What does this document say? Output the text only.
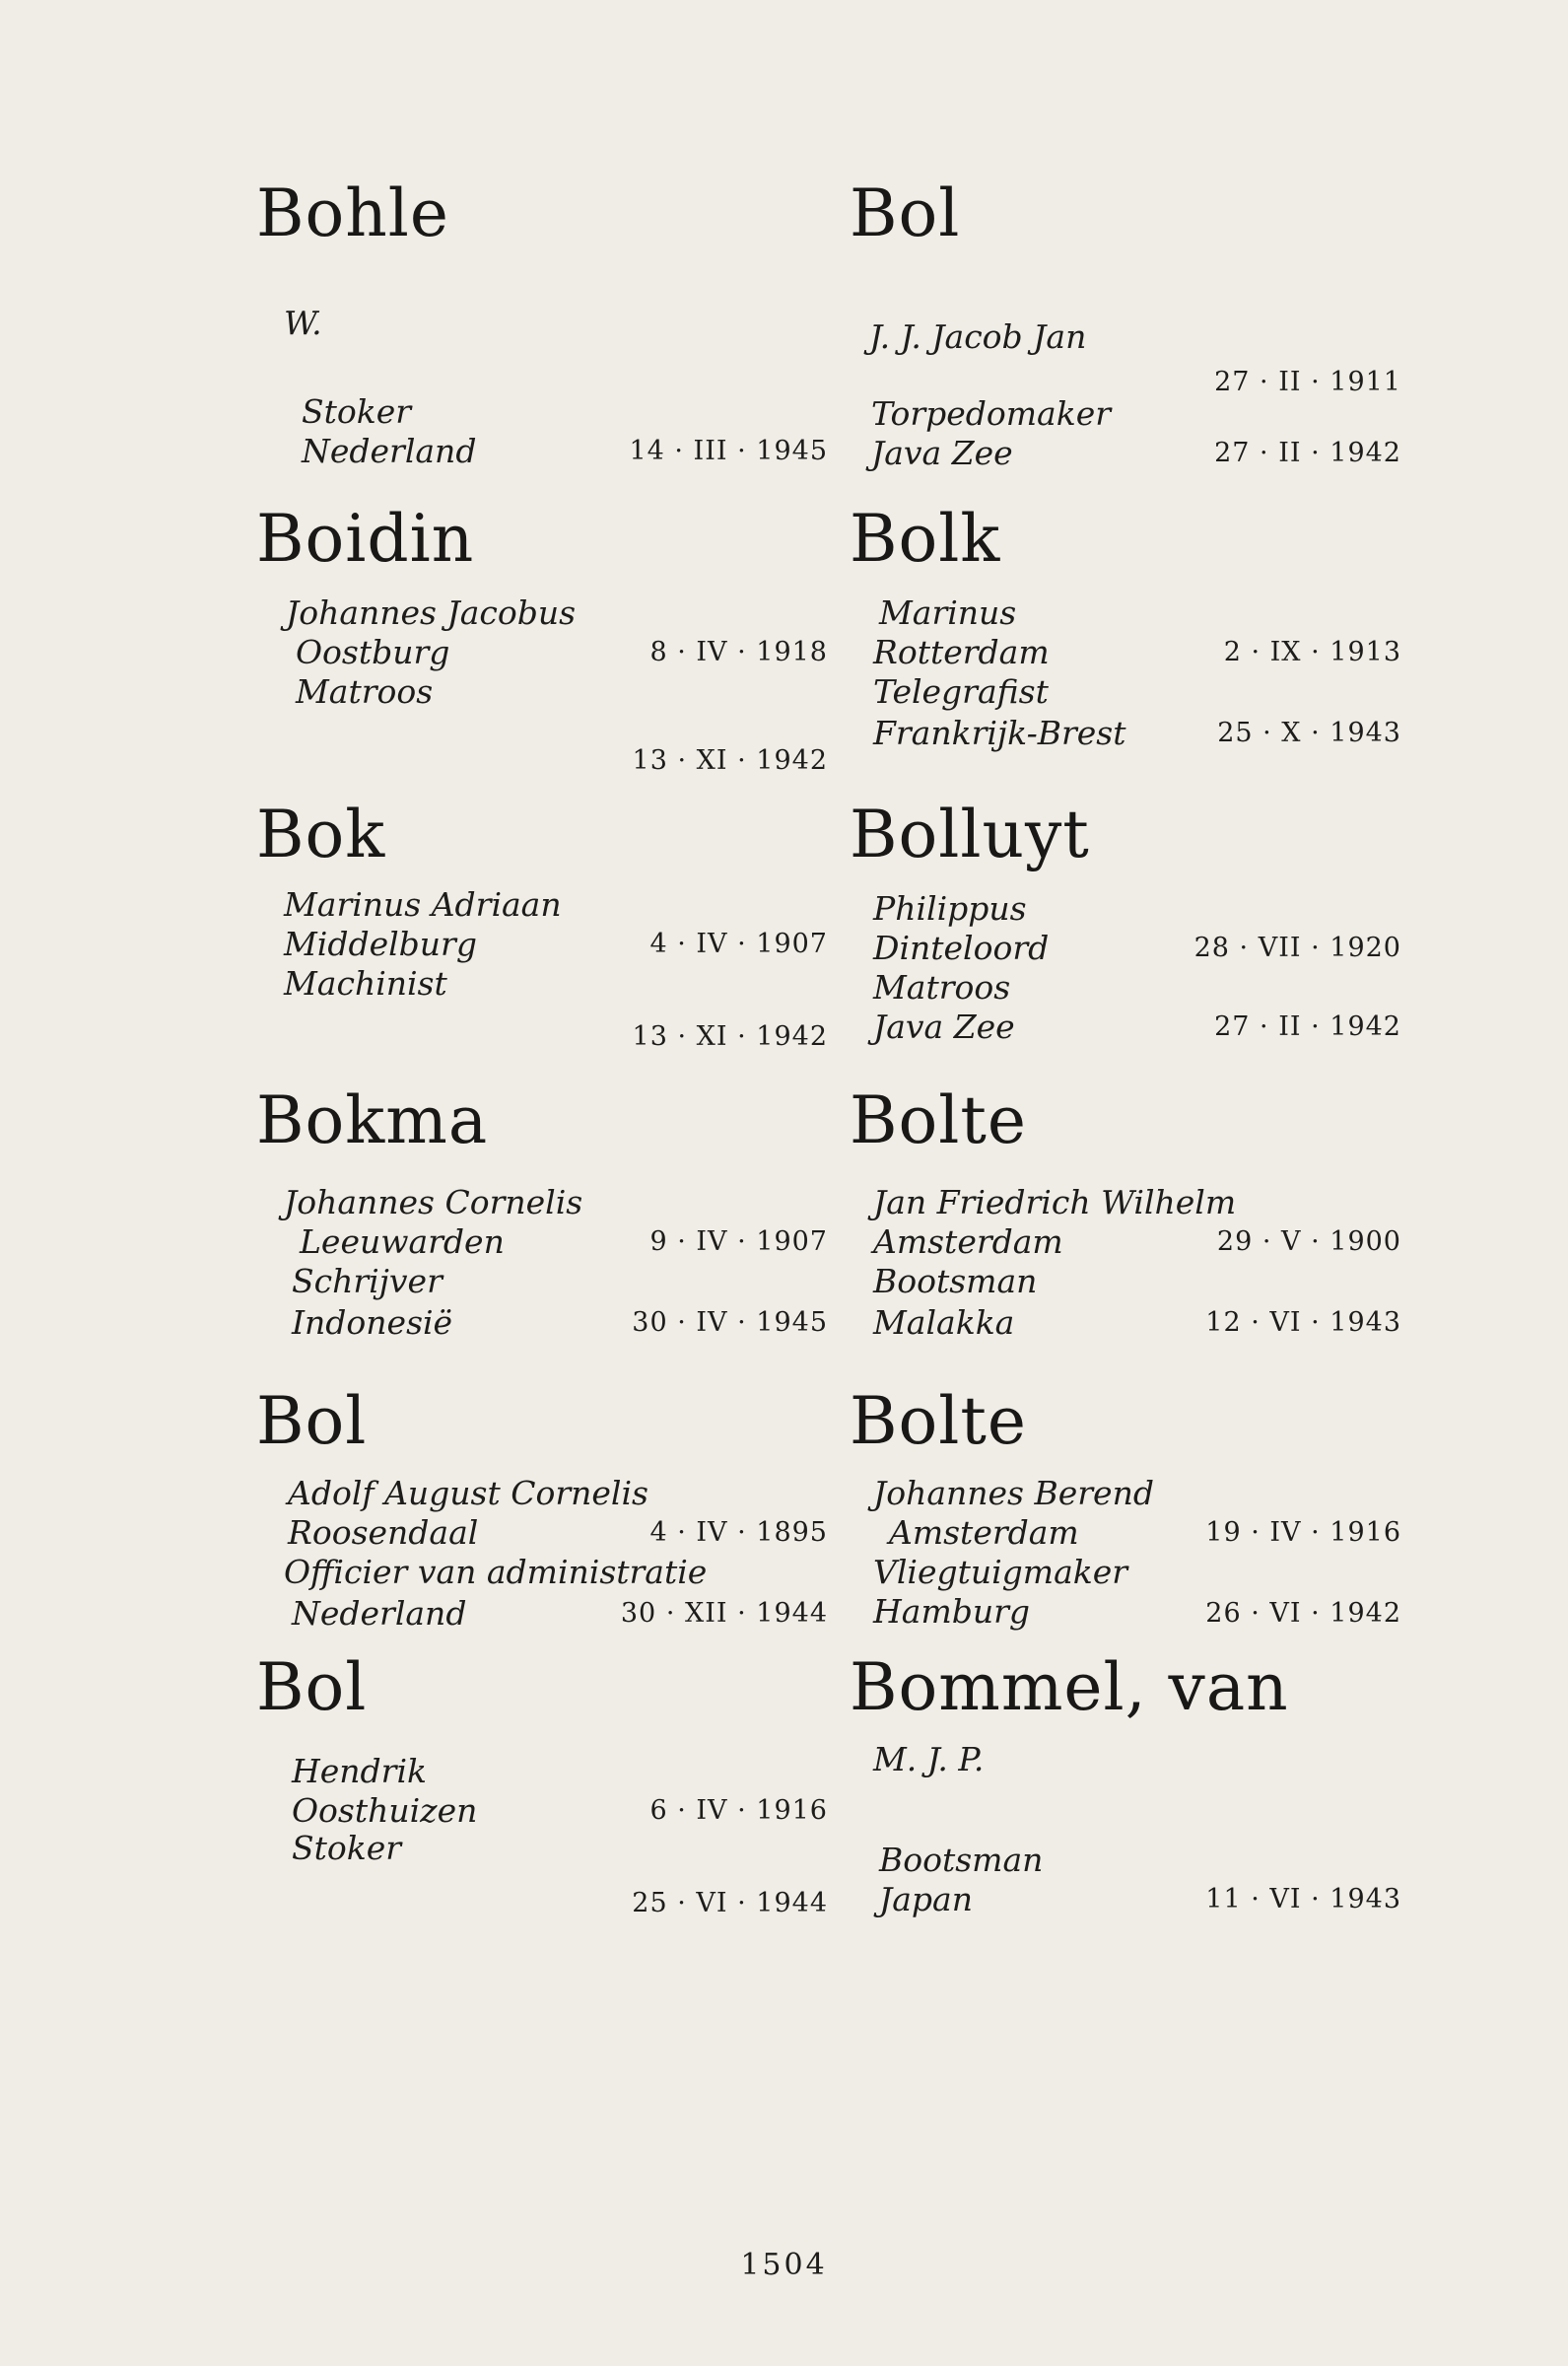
Bohle
W.
Stoker
Nederland	14 · III · 1945
Boidin
Johannes Jacobus
Oostburg	8 · IV · 1918
Matroos
13 · XI · 1942
Bok
Marinus Adriaan
Middelburg	4 · IV · 1907
Machinist
13 · XI · 1942
Bokma
Johannes Cornelis
Leeuwarden	9 · IV · 1907
Schrijver
Indonesië	30 · IV · 1945
Bol
Adolf August Cornelis
Roosendaal	4 · IV · 1895
Officier van administratie
Nederland	30 · XII · 1944
Bol
Hendrik
Oosthuizen	6 · IV · 1916
Stoker
25 · VI · 1944
Bol
J. J. Jacob Jan
27 · II · 1911
Torpedomaker
Java Zee	27 · II · 1942
Bolk
Marinus
Rotterdam	2 · IX · 1913
Telegrafist
Frankrijk-Brest	25 · X · 1943
Bolluyt
Philippus
Dinteloord	28 · VII · 1920
Matroos
Java Zee	27 · II · 1942
Bolte
Jan Friedrich Wilhelm
Amsterdam	29 · V · 1900
Bootsman
Malakka	12 · VI · 1943
Bolte
Johannes Berend
Amsterdam	19 · IV · 1916
Vliegtuigmaker
Hamburg	26 · VI · 1942
Bommel, van
M. J. P.
Bootsman
Japan	11 · VI · 1943
1504
